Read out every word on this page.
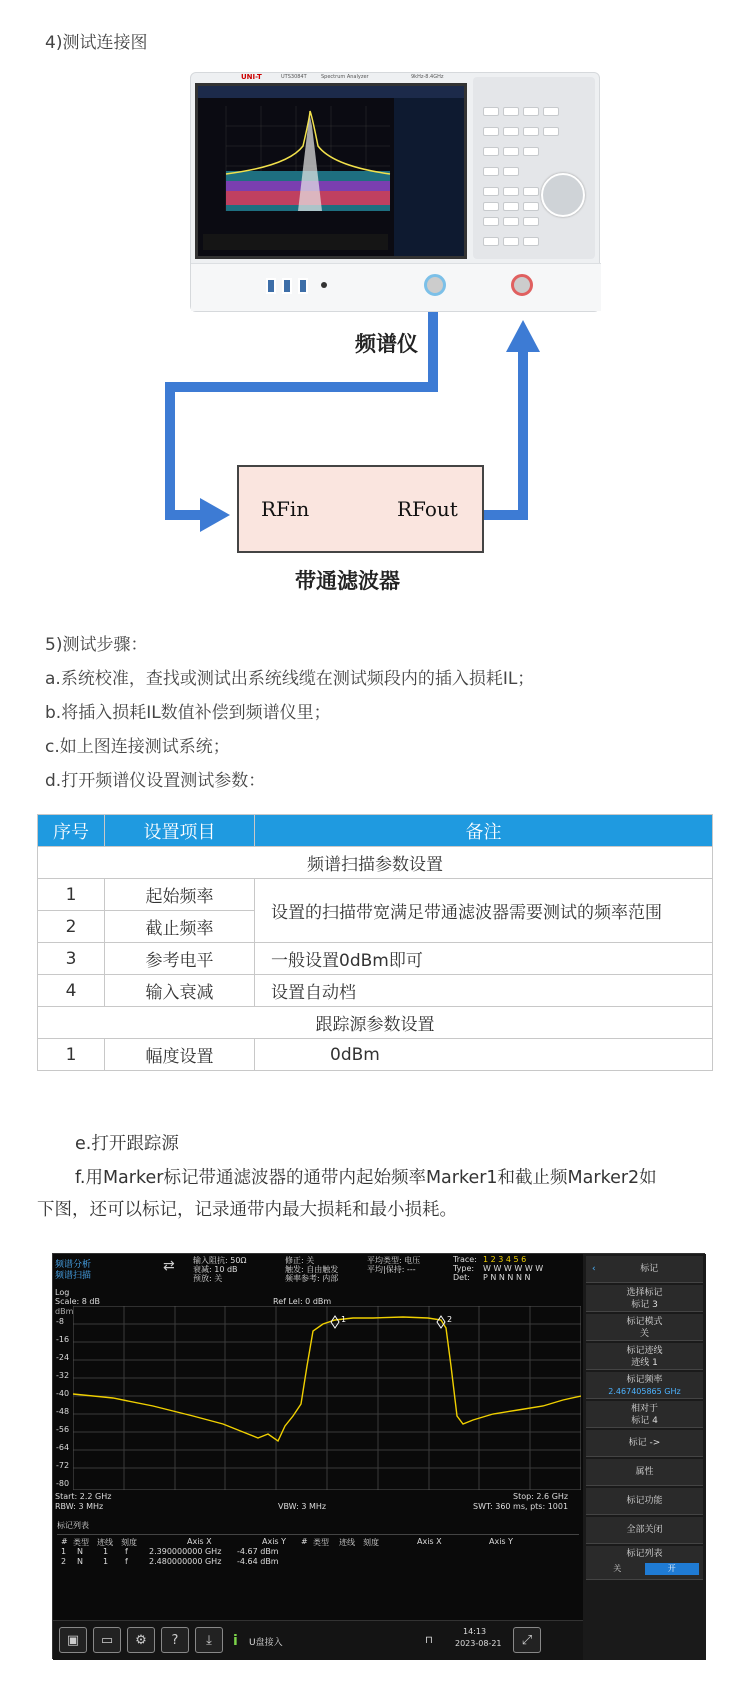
4)测试连接图
UNI-T	UTS3084T	Spectrum Analyzer	9kHz-8.4GHz
频谱仪
RFin	RFout
带通滤波器
5)测试步骤：
a.系统校准，查找或测试出系统线缆在测试频段内的插入损耗IL；
b.将插入损耗IL数值补偿到频谱仪里；
c.如上图连接测试系统；
d.打开频谱仪设置测试参数：
序号	设置项目	备注
频谱扫描参数设置		
1	起始频率	设置的扫描带宽满足带通滤波器需要测试的频率范围
2	截止频率	
3	参考电平	一般设置0dBm即可
4	输入衰减	设置自动档
跟踪源参数设置		
1	幅度设置	0dBm
e.打开跟踪源
f.用Marker标记带通滤波器的通带内起始频率Marker1和截止频Marker2如
下图，还可以标记，记录通带内最大损耗和最小损耗。
频谱分析
频谱扫描
⇄ 输入阻抗: 50Ω
衰减: 10 dB
预放: 关
修正: 关
触发: 自由触发
频率参考: 内部
平均类型: 电压
平均|保持: ---
Trace:
Type:
Det:
1 2 3 4 5 6
W W W W W W
P N N N N N
Log
Scale: 8 dB
dBm
Ref Lel: 0 dBm
-8
-16
-24
-32
-40
-48
-56
-64
-72
-80
1	2
Start: 2.2 GHz
RBW: 3 MHz	VBW: 3 MHz
Stop: 2.6 GHz
SWT: 360 ms, pts: 1001
标记列表
# 类型 迹线 刻度	Axis X	Axis Y # 类型 迹线 刻度	Axis X	Axis Y
1 N	1 f	2.390000000 GHz -4.67 dBm
2 N	1 f	2.480000000 GHz -4.64 dBm
▣	▭	⚙	?	⤓	i U盘接入	⊓
14:13
2023-08-21	⤢
‹	标记
选择标记
标记 3
标记模式
关
标记迹线
迹线 1
标记频率
2.467405865 GHz
相对于
标记 4
标记 ->
属性
标记功能
全部关闭
标记列表
关	开
